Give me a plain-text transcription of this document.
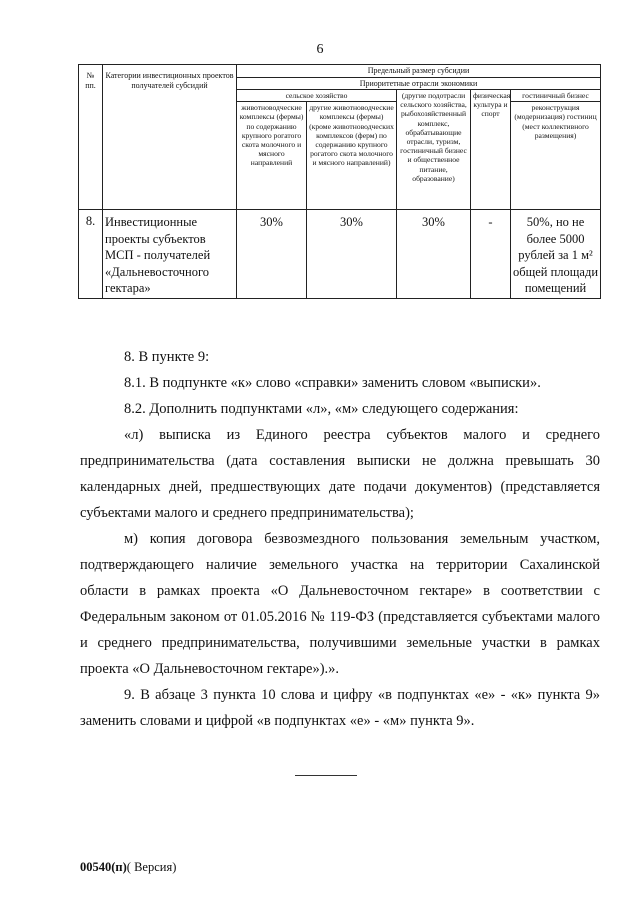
6
№ пп.	Категории инвестиционных проектов получателей субсидий	Предельный размер субсидии				
		Приоритетные отрасли экономики				
		сельское хозяйство		(другие подотрасли сельского хозяйства, рыбохозяйственный комплекс, обрабатывающие отрасли, туризм, гостиничный бизнес и общественное питание, образование)	физическая культура и спорт	гостиничный бизнес
		животноводческие комплексы (фермы) по содержанию крупного рогатого скота молочного и мясного направлений	другие животноводческие комплексы (фермы) (кроме животноводческих комплексов (ферм) по содержанию крупного рогатого скота молочного и мясного направлений)			реконструкция (модернизация) гостиниц (мест коллективного размещения)
8.	Инвестиционные проекты субъектов МСП - получателей «Дальневосточного гектара»	30%	30%	30%	-	50%, но не более 5000 рублей за 1 м² общей площади помещений

8. В пункте 9:

8.1. В подпункте «к» слово «справки» заменить словом «выписки».

8.2. Дополнить подпунктами «л», «м» следующего содержания:

«л) выписка из Единого реестра субъектов малого и среднего предпринимательства (дата составления выписки не должна превышать 30 календарных дней, предшествующих дате подачи документов) (представляется субъектами малого и среднего предпринимательства);

м) копия договора безвозмездного пользования земельным участком, подтверждающего наличие земельного участка на территории Сахалинской области в рамках проекта «О Дальневосточном гектаре» в соответствии с Федеральным законом от 01.05.2016 № 119-ФЗ (представляется субъектами малого и среднего предпринимательства, получившими земельные участки в рамках проекта «О Дальневосточном гектаре»).».

9. В абзаце 3 пункта 10 слова и цифру «в подпунктах «е» - «к» пункта 9» заменить словами и цифрой «в подпунктах «е» - «м» пункта 9».

00540(п)( Версия)
